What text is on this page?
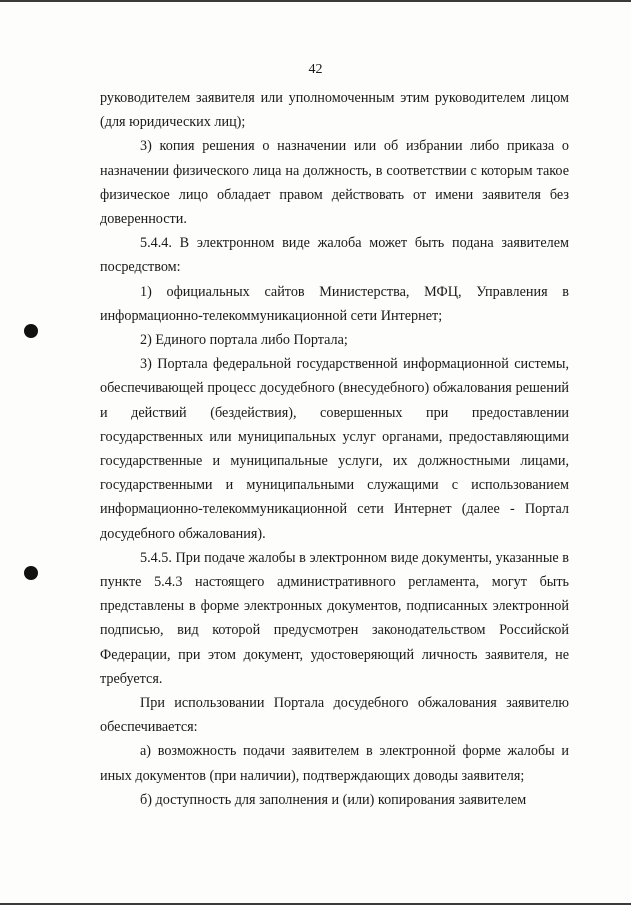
42

руководителем заявителя или уполномоченным этим руководителем лицом (для юридических лиц);

3) копия решения о назначении или об избрании либо приказа о назначении физического лица на должность, в соответствии с которым такое физическое лицо обладает правом действовать от имени заявителя без доверенности.

5.4.4. В электронном виде жалоба может быть подана заявителем посредством:

1) официальных сайтов Министерства, МФЦ, Управления в информационно-телекоммуникационной сети Интернет;

2) Единого портала либо Портала;

3) Портала федеральной государственной информационной системы, обеспечивающей процесс досудебного (внесудебного) обжалования решений и действий (бездействия), совершенных при предоставлении государственных или муниципальных услуг органами, предоставляющими государственные и муниципальные услуги, их должностными лицами, государственными и муниципальными служащими с использованием информационно-телекоммуникационной сети Интернет (далее - Портал досудебного обжалования).

5.4.5. При подаче жалобы в электронном виде документы, указанные в пункте 5.4.3 настоящего административного регламента, могут быть представлены в форме электронных документов, подписанных электронной подписью, вид которой предусмотрен законодательством Российской Федерации, при этом документ, удостоверяющий личность заявителя, не требуется.

При использовании Портала досудебного обжалования заявителю обеспечивается:

а) возможность подачи заявителем в электронной форме жалобы и иных документов (при наличии), подтверждающих доводы заявителя;

б) доступность для заполнения и (или) копирования заявителем
